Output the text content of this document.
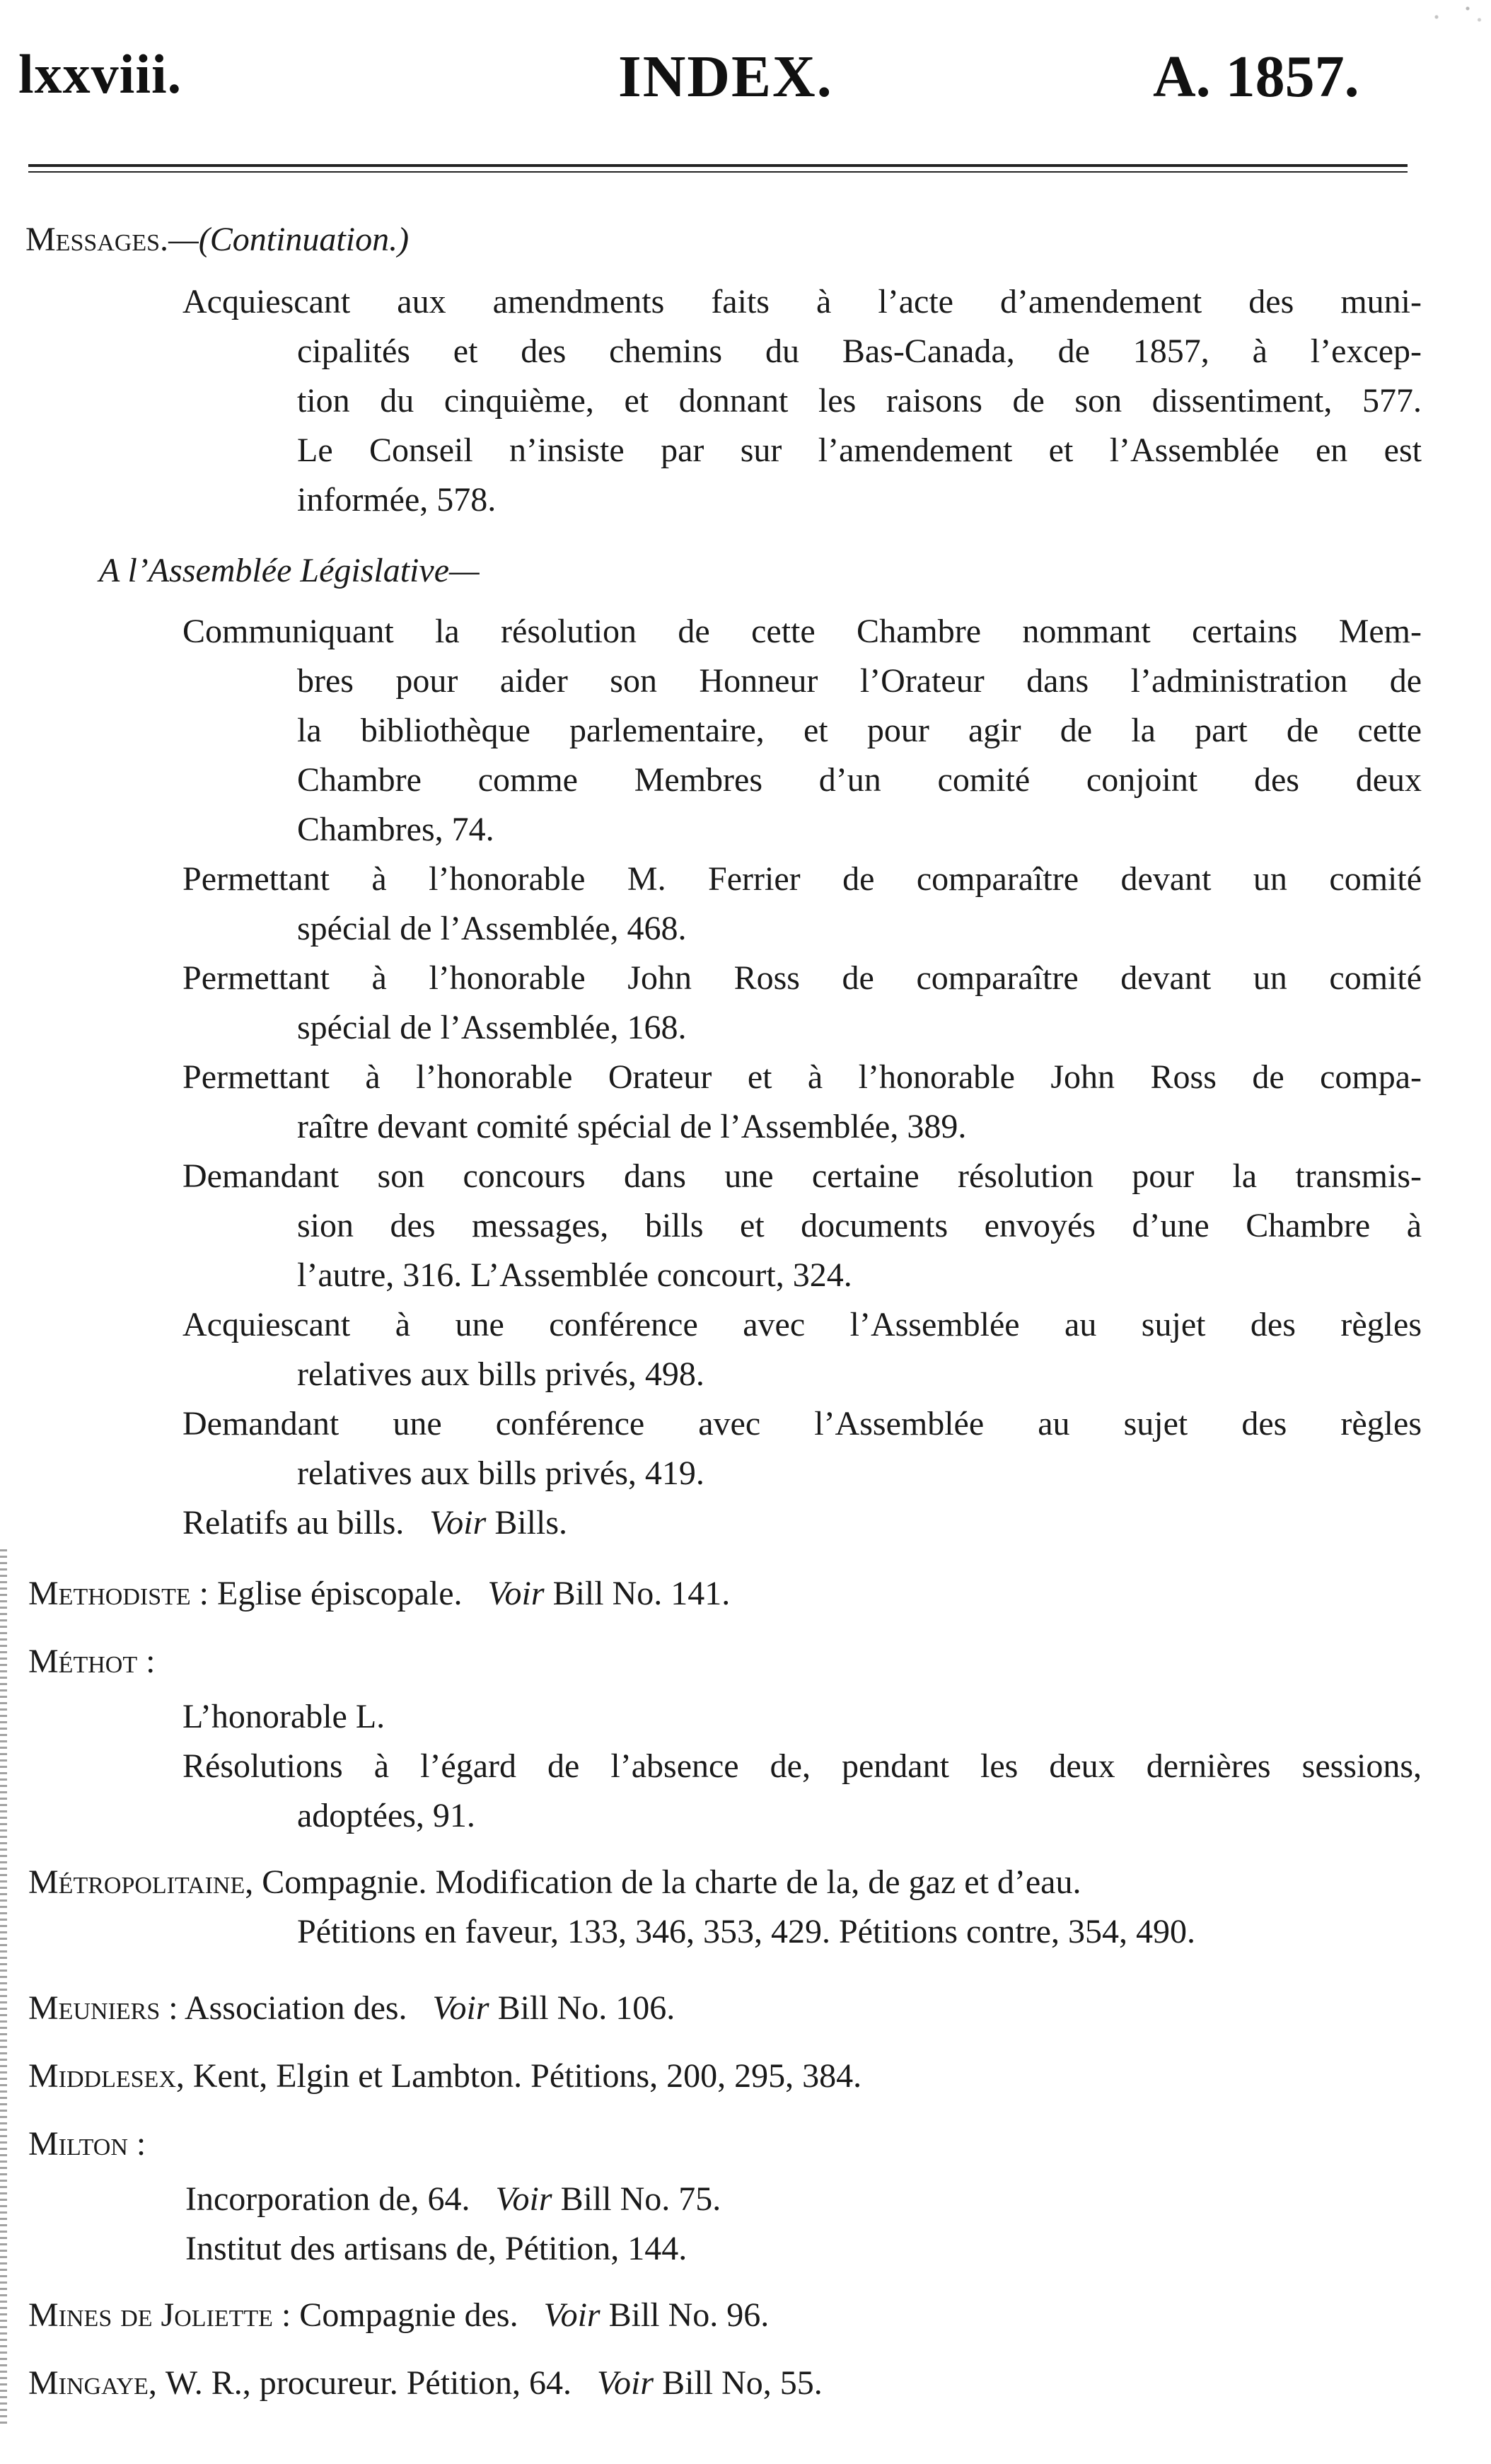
lxxviii.	INDEX.	A. 1857.
Messages.—(Continuation.)
Acquiescant aux amendments faits à l’acte d’amendement des muni-
cipalités et des chemins du Bas-Canada, de 1857, à l’excep-
tion du cinquième, et donnant les raisons de son dissentiment, 577.
Le Conseil n’insiste par sur l’amendement et l’Assemblée en est
informée, 578.
A l’Assemblée Législative—
Communiquant la résolution de cette Chambre nommant certains Mem-
bres pour aider son Honneur l’Orateur dans l’administration de
la bibliothèque parlementaire, et pour agir de la part de cette
Chambre comme Membres d’un comité conjoint des deux
Chambres, 74.
Permettant à l’honorable M. Ferrier de comparaître devant un comité
spécial de l’Assemblée, 468.
Permettant à l’honorable John Ross de comparaître devant un comité
spécial de l’Assemblée, 168.
Permettant à l’honorable Orateur et à l’honorable John Ross de compa-
raître devant comité spécial de l’Assemblée, 389.
Demandant son concours dans une certaine résolution pour la transmis-
sion des messages, bills et documents envoyés d’une Chambre à
l’autre, 316. L’Assemblée concourt, 324.
Acquiescant à une conférence avec l’Assemblée au sujet des règles
relatives aux bills privés, 498.
Demandant une conférence avec l’Assemblée au sujet des règles
relatives aux bills privés, 419.
Relatifs au bills. Voir Bills.
Methodiste : Eglise épiscopale. Voir Bill No. 141.
Méthot :
L’honorable L.
Résolutions à l’égard de l’absence de, pendant les deux dernières sessions,
adoptées, 91.
Métropolitaine, Compagnie. Modification de la charte de la, de gaz et d’eau.
Pétitions en faveur, 133, 346, 353, 429. Pétitions contre, 354, 490.
Meuniers : Association des. Voir Bill No. 106.
Middlesex, Kent, Elgin et Lambton. Pétitions, 200, 295, 384.
Milton :
Incorporation de, 64. Voir Bill No. 75.
Institut des artisans de, Pétition, 144.
Mines de Joliette : Compagnie des. Voir Bill No. 96.
Mingaye, W. R., procureur. Pétition, 64. Voir Bill No, 55.
